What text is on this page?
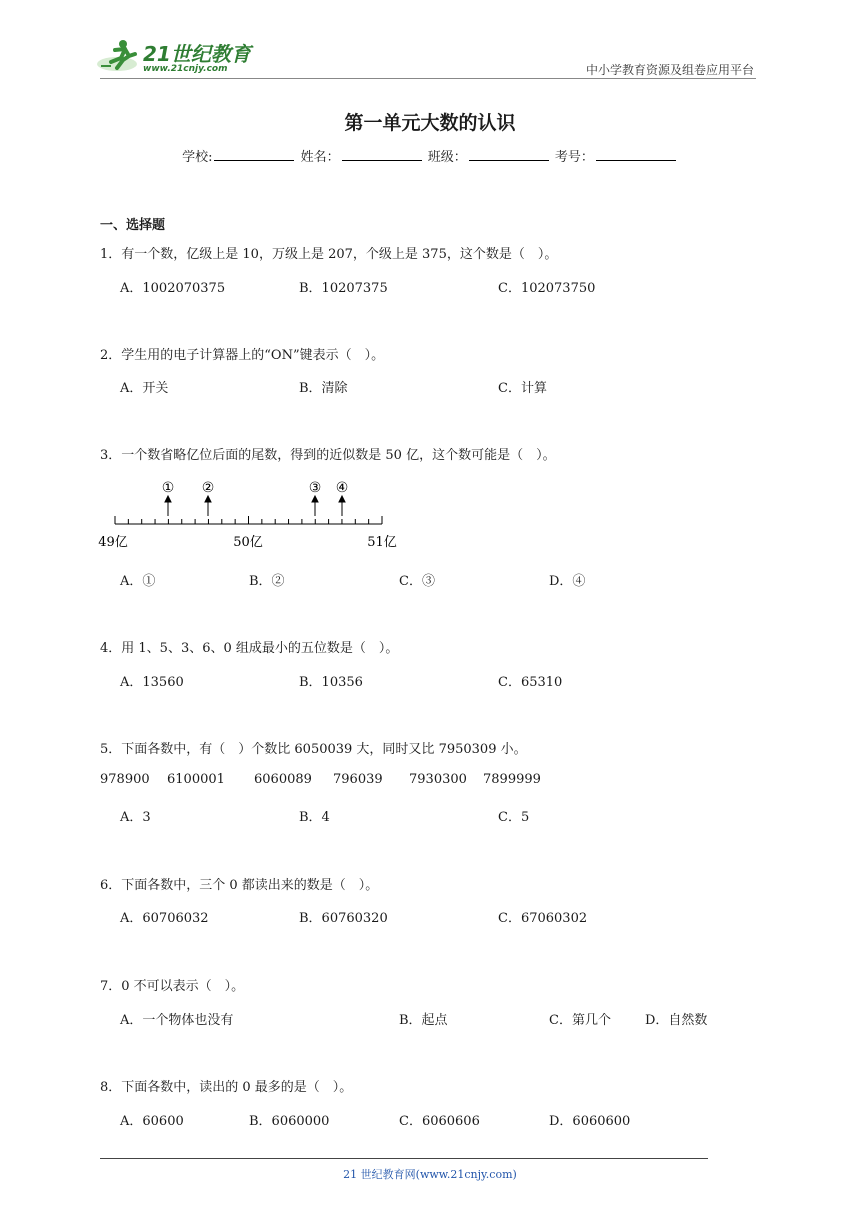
21世纪教育
www.21cnjy.com	中小学教育资源及组卷应用平台
第一单元大数的认识
学校:	姓名：	班级：	考号：
一、选择题
1．有一个数，亿级上是 10，万级上是 207，个级上是 375，这个数是（　）。
A．1002070375	B．10207375	C．102073750
2．学生用的电子计算器上的“ON”键表示（　）。
A．开关	B．清除	C．计算
3．一个数省略亿位后面的尾数，得到的近似数是 50 亿，这个数可能是（　）。
① ②	③ ④
49亿	50亿	51亿
A．①	B．②	C．③	D．④
4．用 1、5、3、6、0 组成最小的五位数是（　）。
A．13560	B．10356	C．65310
5．下面各数中，有（　）个数比 6050039 大，同时又比 7950309 小。
978900 6100001 6060089 796039 7930300 7899999
A．3	B．4	C．5
6．下面各数中，三个 0 都读出来的数是（　）。
A．60706032	B．60760320	C．67060302
7．0 不可以表示（　）。
A．一个物体也没有	B．起点	C．第几个	D．自然数
8．下面各数中，读出的 0 最多的是（　）。
A．60600	B．6060000	C．6060606	D．6060600
21 世纪教育网(www.21cnjy.com)
